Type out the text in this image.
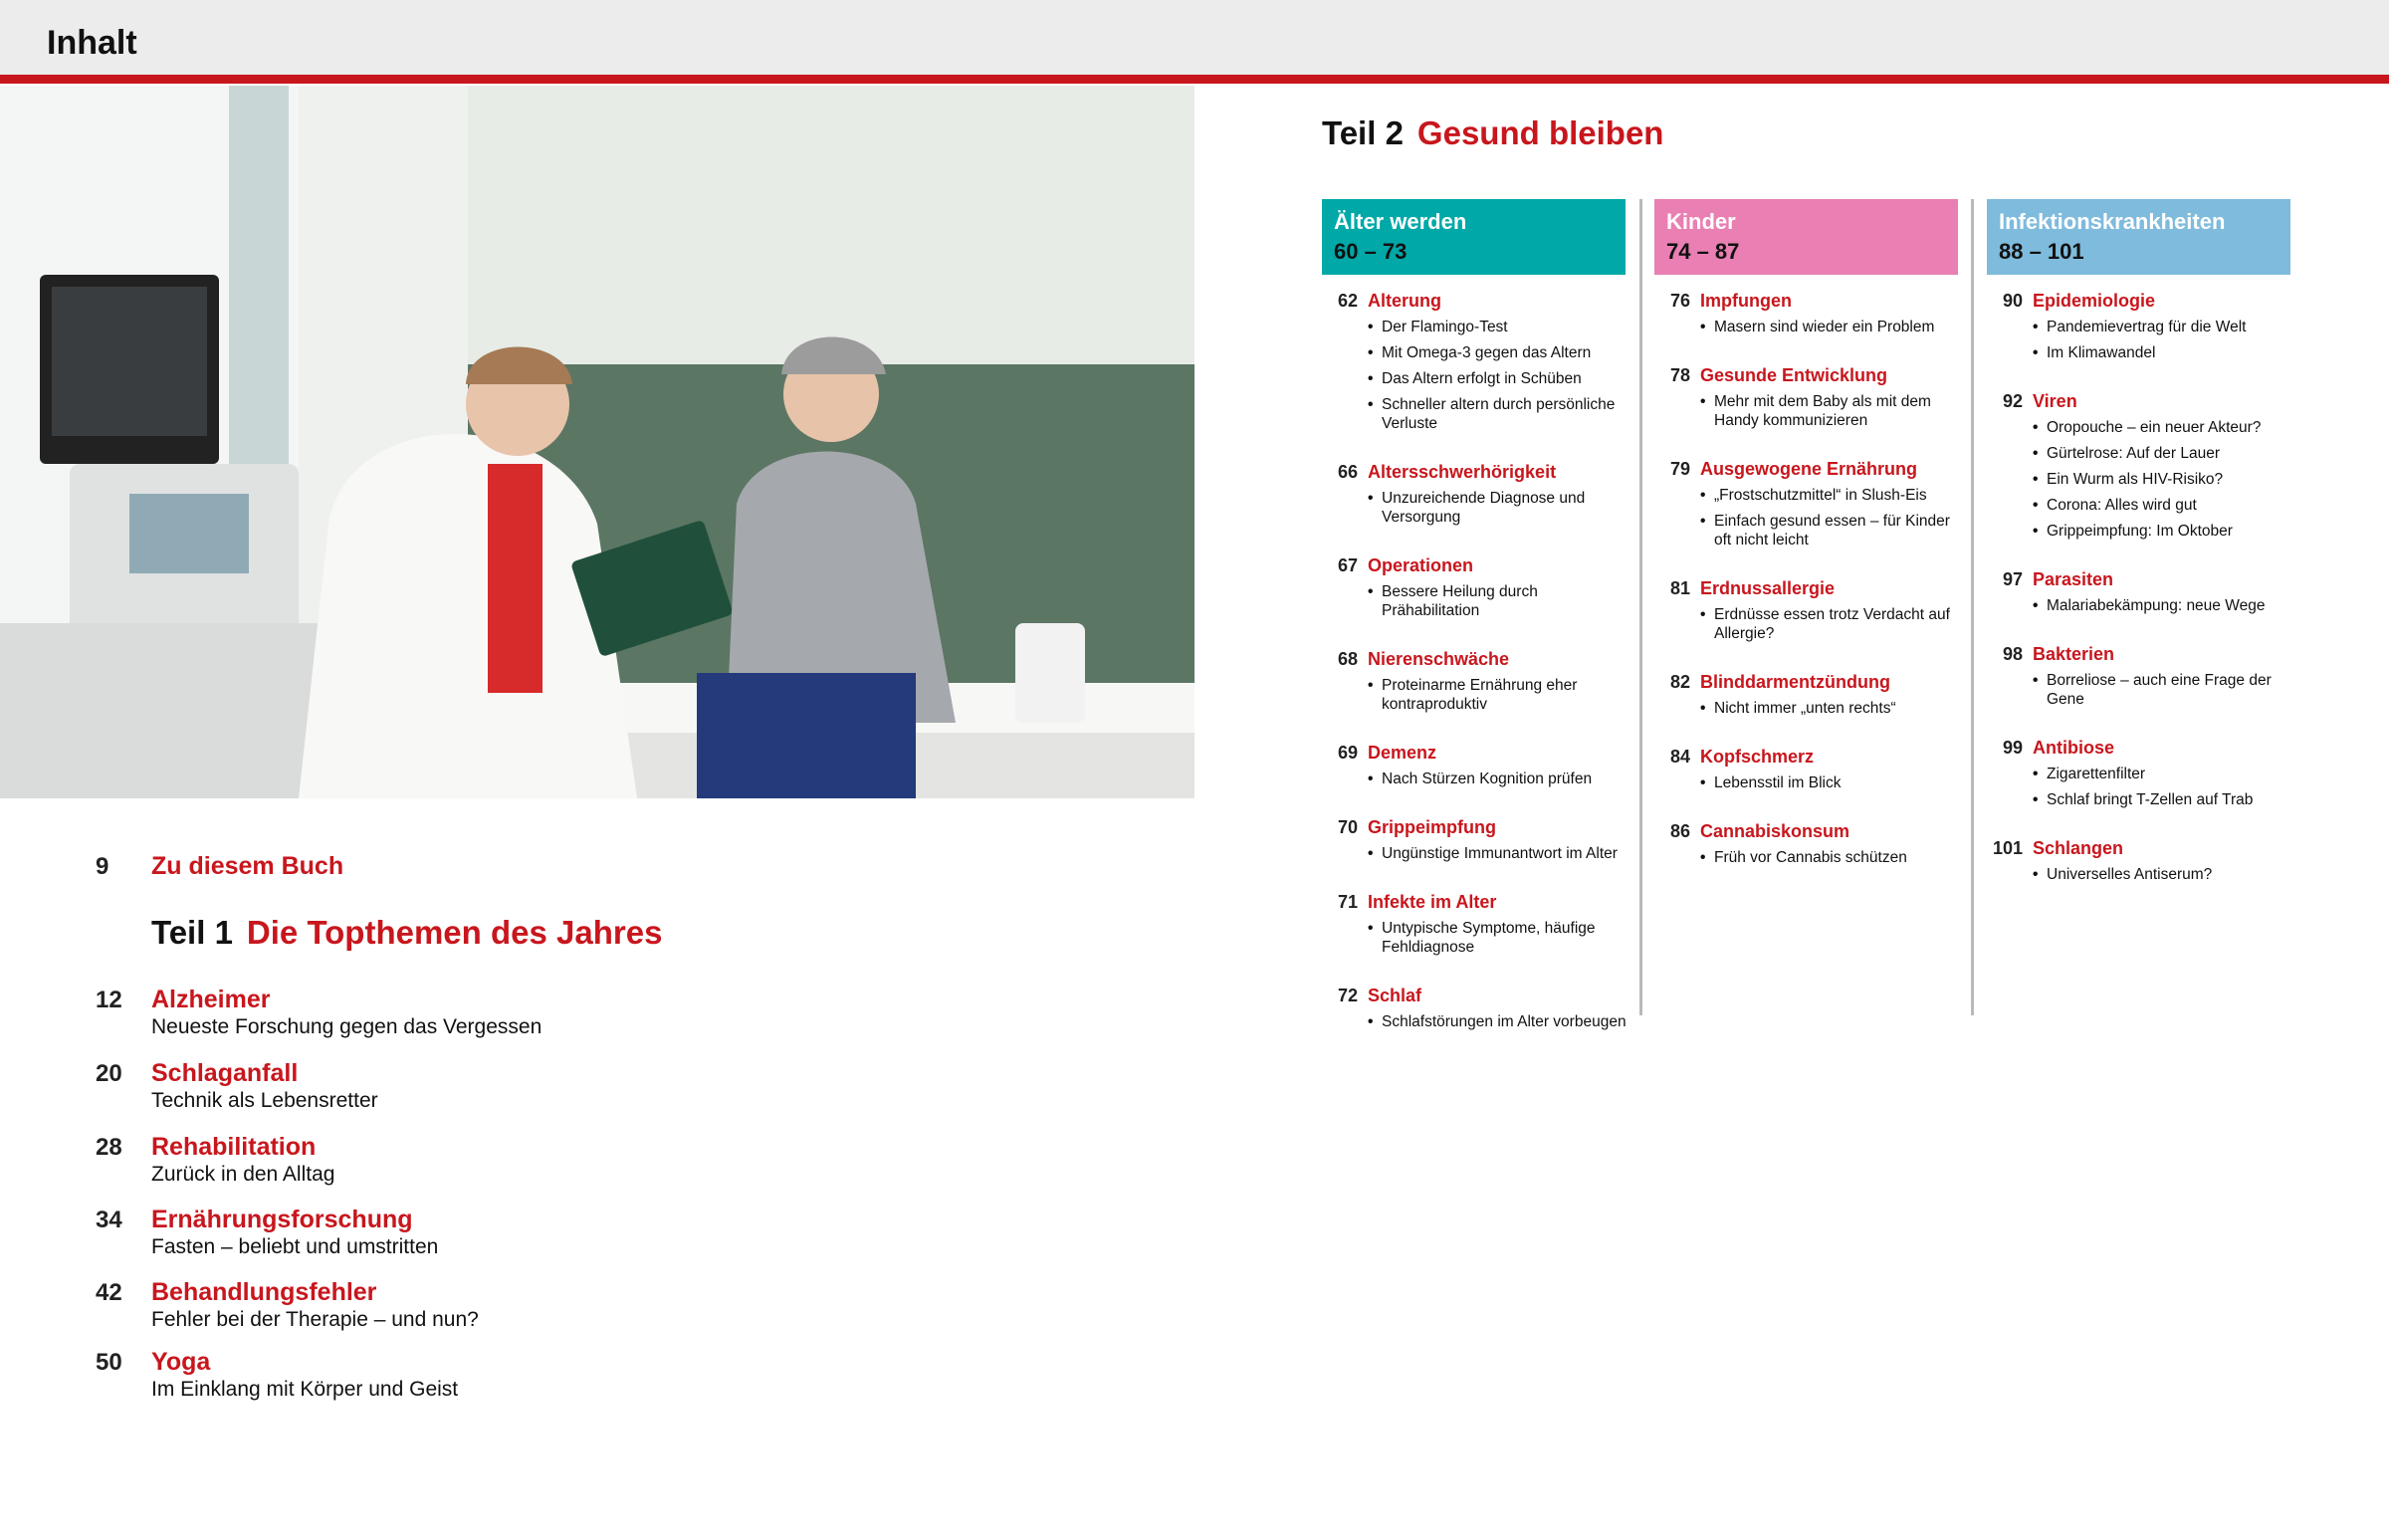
Inhalt
9	Zu diesem Buch
Teil 1 Die Topthemen des Jahres
12	Alzheimer
Neueste Forschung gegen das Vergessen
20	Schlaganfall
Technik als Lebensretter
28	Rehabilitation
Zurück in den Alltag
34	Ernährungsforschung
Fasten – beliebt und umstritten
42	Behandlungsfehler
Fehler bei der Therapie – und nun?
50	Yoga
Im Einklang mit Körper und Geist
Teil 2 Gesund bleiben
Älter werden
60 – 73
62 Alterung
• Der Flamingo-Test
• Mit Omega-3 gegen das Altern
• Das Altern erfolgt in Schüben
• Schneller altern durch persönliche Verluste
66 Altersschwerhörigkeit
• Unzureichende Diagnose und Versorgung
67 Operationen
• Bessere Heilung durch Prähabilitation
68 Nierenschwäche
• Proteinarme Ernährung eher kontraproduktiv
69 Demenz
• Nach Stürzen Kognition prüfen
70 Grippeimpfung
• Ungünstige Immunantwort im Alter
71 Infekte im Alter
• Untypische Symptome, häufige Fehldiagnose
72 Schlaf
• Schlafstörungen im Alter vorbeugen
Kinder
74 – 87
76 Impfungen
• Masern sind wieder ein Problem
78 Gesunde Entwicklung
• Mehr mit dem Baby als mit dem Handy kommunizieren
79 Ausgewogene Ernährung
• „Frostschutzmittel“ in Slush-Eis
• Einfach gesund essen – für Kinder oft nicht leicht
81 Erdnussallergie
• Erdnüsse essen trotz Verdacht auf Allergie?
82 Blinddarmentzündung
• Nicht immer „unten rechts“
84 Kopfschmerz
• Lebensstil im Blick
86 Cannabiskonsum
• Früh vor Cannabis schützen
Infektionskrankheiten
88 – 101
90 Epidemiologie
• Pandemievertrag für die Welt
• Im Klimawandel
92 Viren
• Oropouche – ein neuer Akteur?
• Gürtelrose: Auf der Lauer
• Ein Wurm als HIV-Risiko?
• Corona: Alles wird gut
• Grippeimpfung: Im Oktober
97 Parasiten
• Malariabekämpung: neue Wege
98 Bakterien
• Borreliose – auch eine Frage der Gene
99 Antibiose
• Zigarettenfilter
• Schlaf bringt T-Zellen auf Trab
101 Schlangen
• Universelles Antiserum?
